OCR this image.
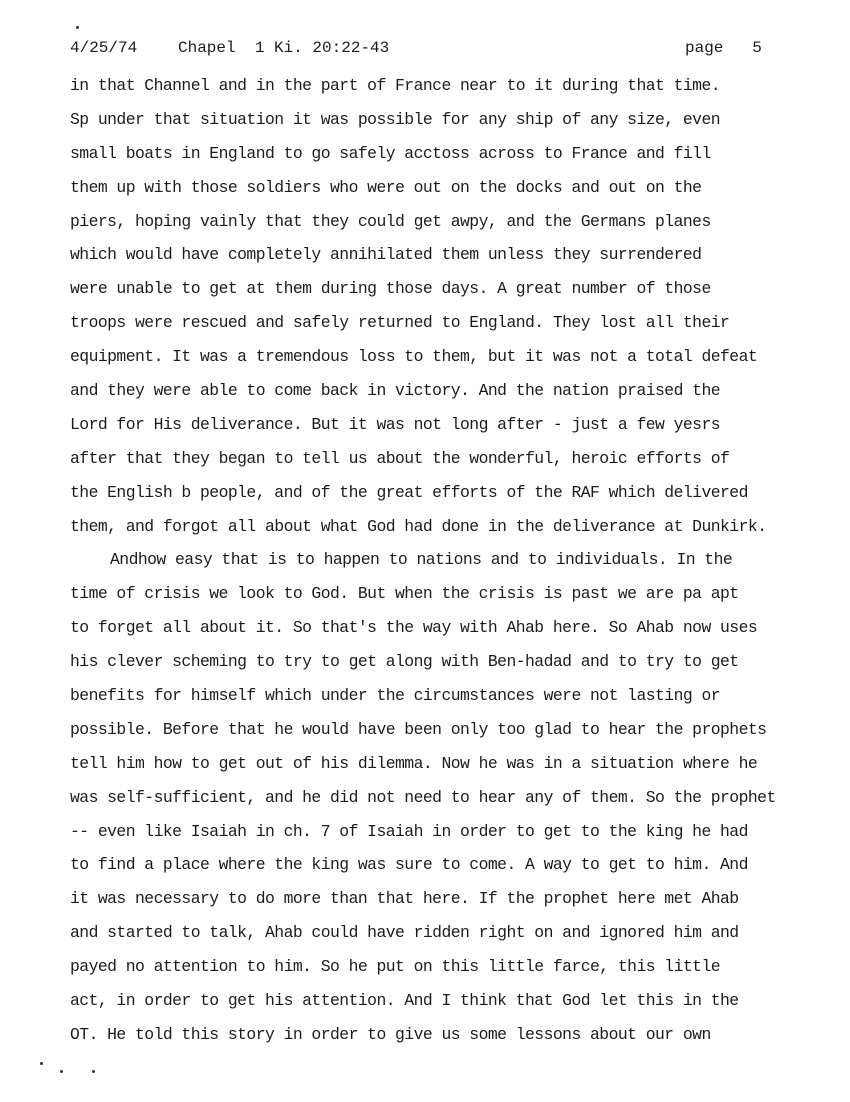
4/25/74

	Chapel  1 Ki. 20:22-43

	page   5

in that Channel and in the part of France near to it during that time.
Sp under that situation it was possible for any ship of any size, even
small boats in England to go safely acctoss across to France and fill
them up with those soldiers who were out on the docks and out on the
piers, hoping vainly that they could get awpy, and the Germans planes
which would have completely annihilated them unless they surrendered
were unable to get at them during those days. A great number of those
troops were rescued and safely returned to England. They lost all their
equipment. It was a tremendous loss to them, but it was not a total defeat
and they were able to come back in victory. And the nation praised the
Lord for His deliverance. But it was not long after - just a few yesrs
after that they began to tell us about the wonderful, heroic efforts of
the English b people, and of the great efforts of the RAF which delivered
them, and forgot all about what God had done in the deliverance at Dunkirk.
Andhow easy that is to happen to nations and to individuals. In the
time of crisis we look to God. But when the crisis is past we are pa apt
to forget all about it. So that's the way with Ahab here. So Ahab now uses
his clever scheming to try to get along with Ben-hadad and to try to get
benefits for himself which under the circumstances were not lasting or
possible. Before that he would have been only too glad to hear the prophets
tell him how to get out of his dilemma. Now he was in a situation where he
was self-sufficient, and he did not need to hear any of them. So the prophet
-- even like Isaiah in ch. 7 of Isaiah in order to get to the king he had
to find a place where the king was sure to come. A way to get to him. And
it was necessary to do more than that here. If the prophet here met Ahab
and started to talk, Ahab could have ridden right on and ignored him and
payed no attention to him. So he put on this little farce, this little
act, in order to get his attention. And I think that God let this in the
OT. He told this story in order to give us some lessons about our own
